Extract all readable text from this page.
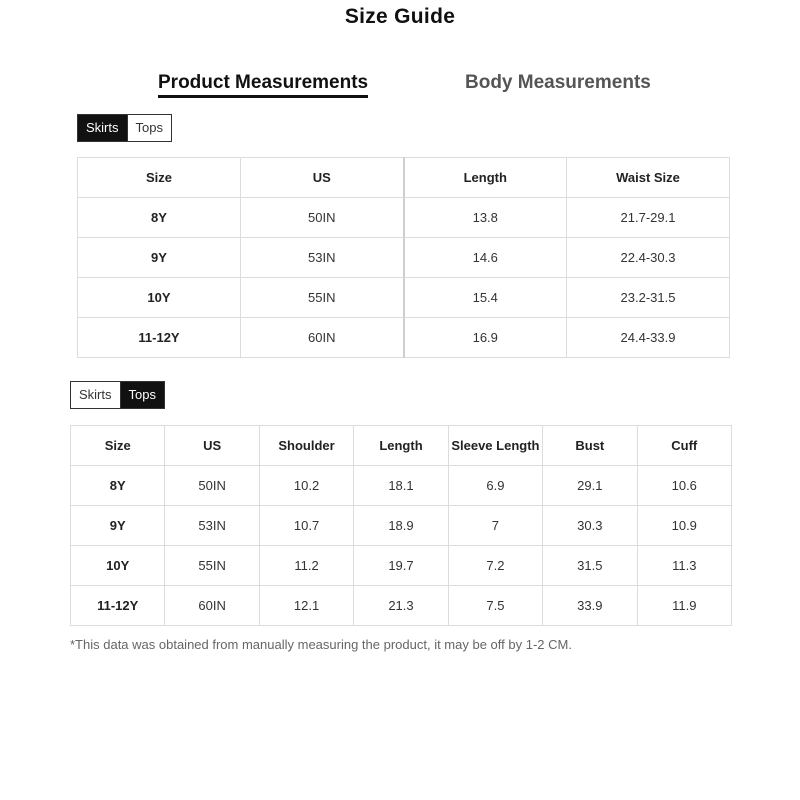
Size Guide
Product Measurements	Body Measurements
Skirts	Tops
Size	US	Length	Waist Size
8Y	50IN	13.8	21.7-29.1
9Y	53IN	14.6	22.4-30.3
10Y	55IN	15.4	23.2-31.5
11-12Y	60IN	16.9	24.4-33.9
Skirts	Tops
Size	US	Shoulder	Length	Sleeve Length	Bust	Cuff
8Y	50IN	10.2	18.1	6.9	29.1	10.6
9Y	53IN	10.7	18.9	7	30.3	10.9
10Y	55IN	11.2	19.7	7.2	31.5	11.3
11-12Y	60IN	12.1	21.3	7.5	33.9	11.9
*This data was obtained from manually measuring the product, it may be off by 1-2 CM.
